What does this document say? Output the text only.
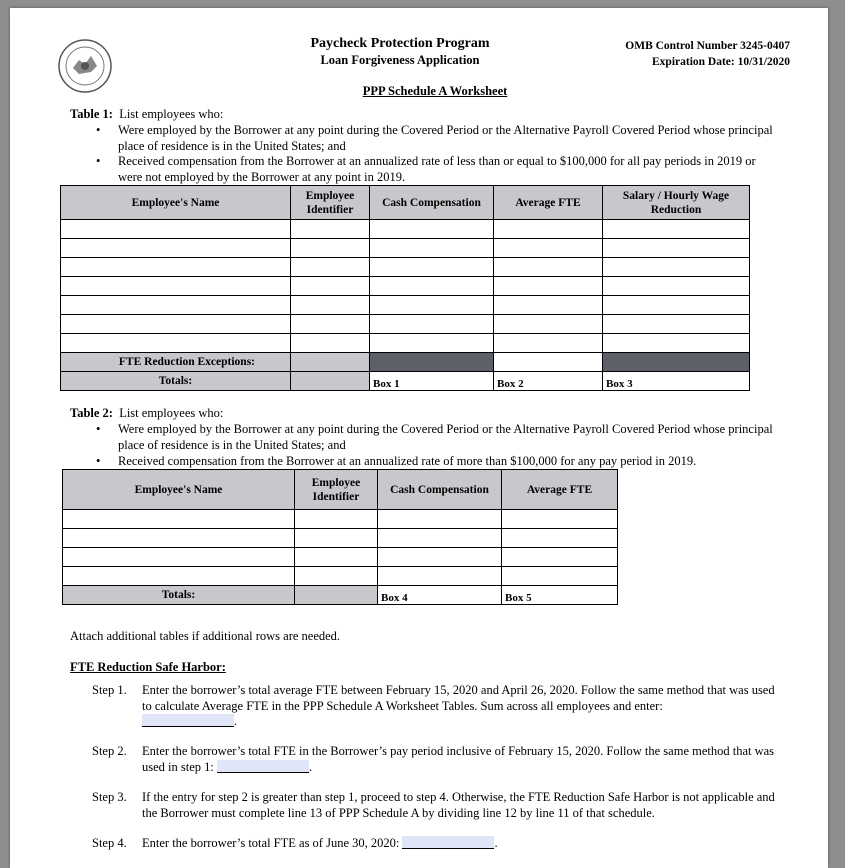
Paycheck Protection Program
Loan Forgiveness Application
OMB Control Number 3245-0407
Expiration Date: 10/31/2020
PPP Schedule A Worksheet
Table 1: List employees who:
• Were employed by the Borrower at any point during the Covered Period or the Alternative Payroll Covered Period whose principal place of residence is in the United States; and
• Received compensation from the Borrower at an annualized rate of less than or equal to $100,000 for all pay periods in 2019 or were not employed by the Borrower at any point in 2019.
Employee's Name	Employee Identifier	Cash Compensation	Average FTE	Salary / Hourly Wage Reduction

FTE Reduction Exceptions:				
Totals:		Box 1	Box 2	Box 3
Table 2: List employees who:
• Were employed by the Borrower at any point during the Covered Period or the Alternative Payroll Covered Period whose principal place of residence is in the United States; and
• Received compensation from the Borrower at an annualized rate of more than $100,000 for any pay period in 2019.
Employee's Name	Employee Identifier	Cash Compensation	Average FTE

Totals:		Box 4	Box 5
Attach additional tables if additional rows are needed.
FTE Reduction Safe Harbor:
Step 1. Enter the borrower’s total average FTE between February 15, 2020 and April 26, 2020. Follow the same method that was used to calculate Average FTE in the PPP Schedule A Worksheet Tables. Sum across all employees and enter:
.
Step 2. Enter the borrower’s total FTE in the Borrower’s pay period inclusive of February 15, 2020. Follow the same method that was used in step 1:	.
Step 3. If the entry for step 2 is greater than step 1, proceed to step 4. Otherwise, the FTE Reduction Safe Harbor is not applicable and the Borrower must complete line 13 of PPP Schedule A by dividing line 12 by line 11 of that schedule.
Step 4. Enter the borrower’s total FTE as of June 30, 2020:	.
